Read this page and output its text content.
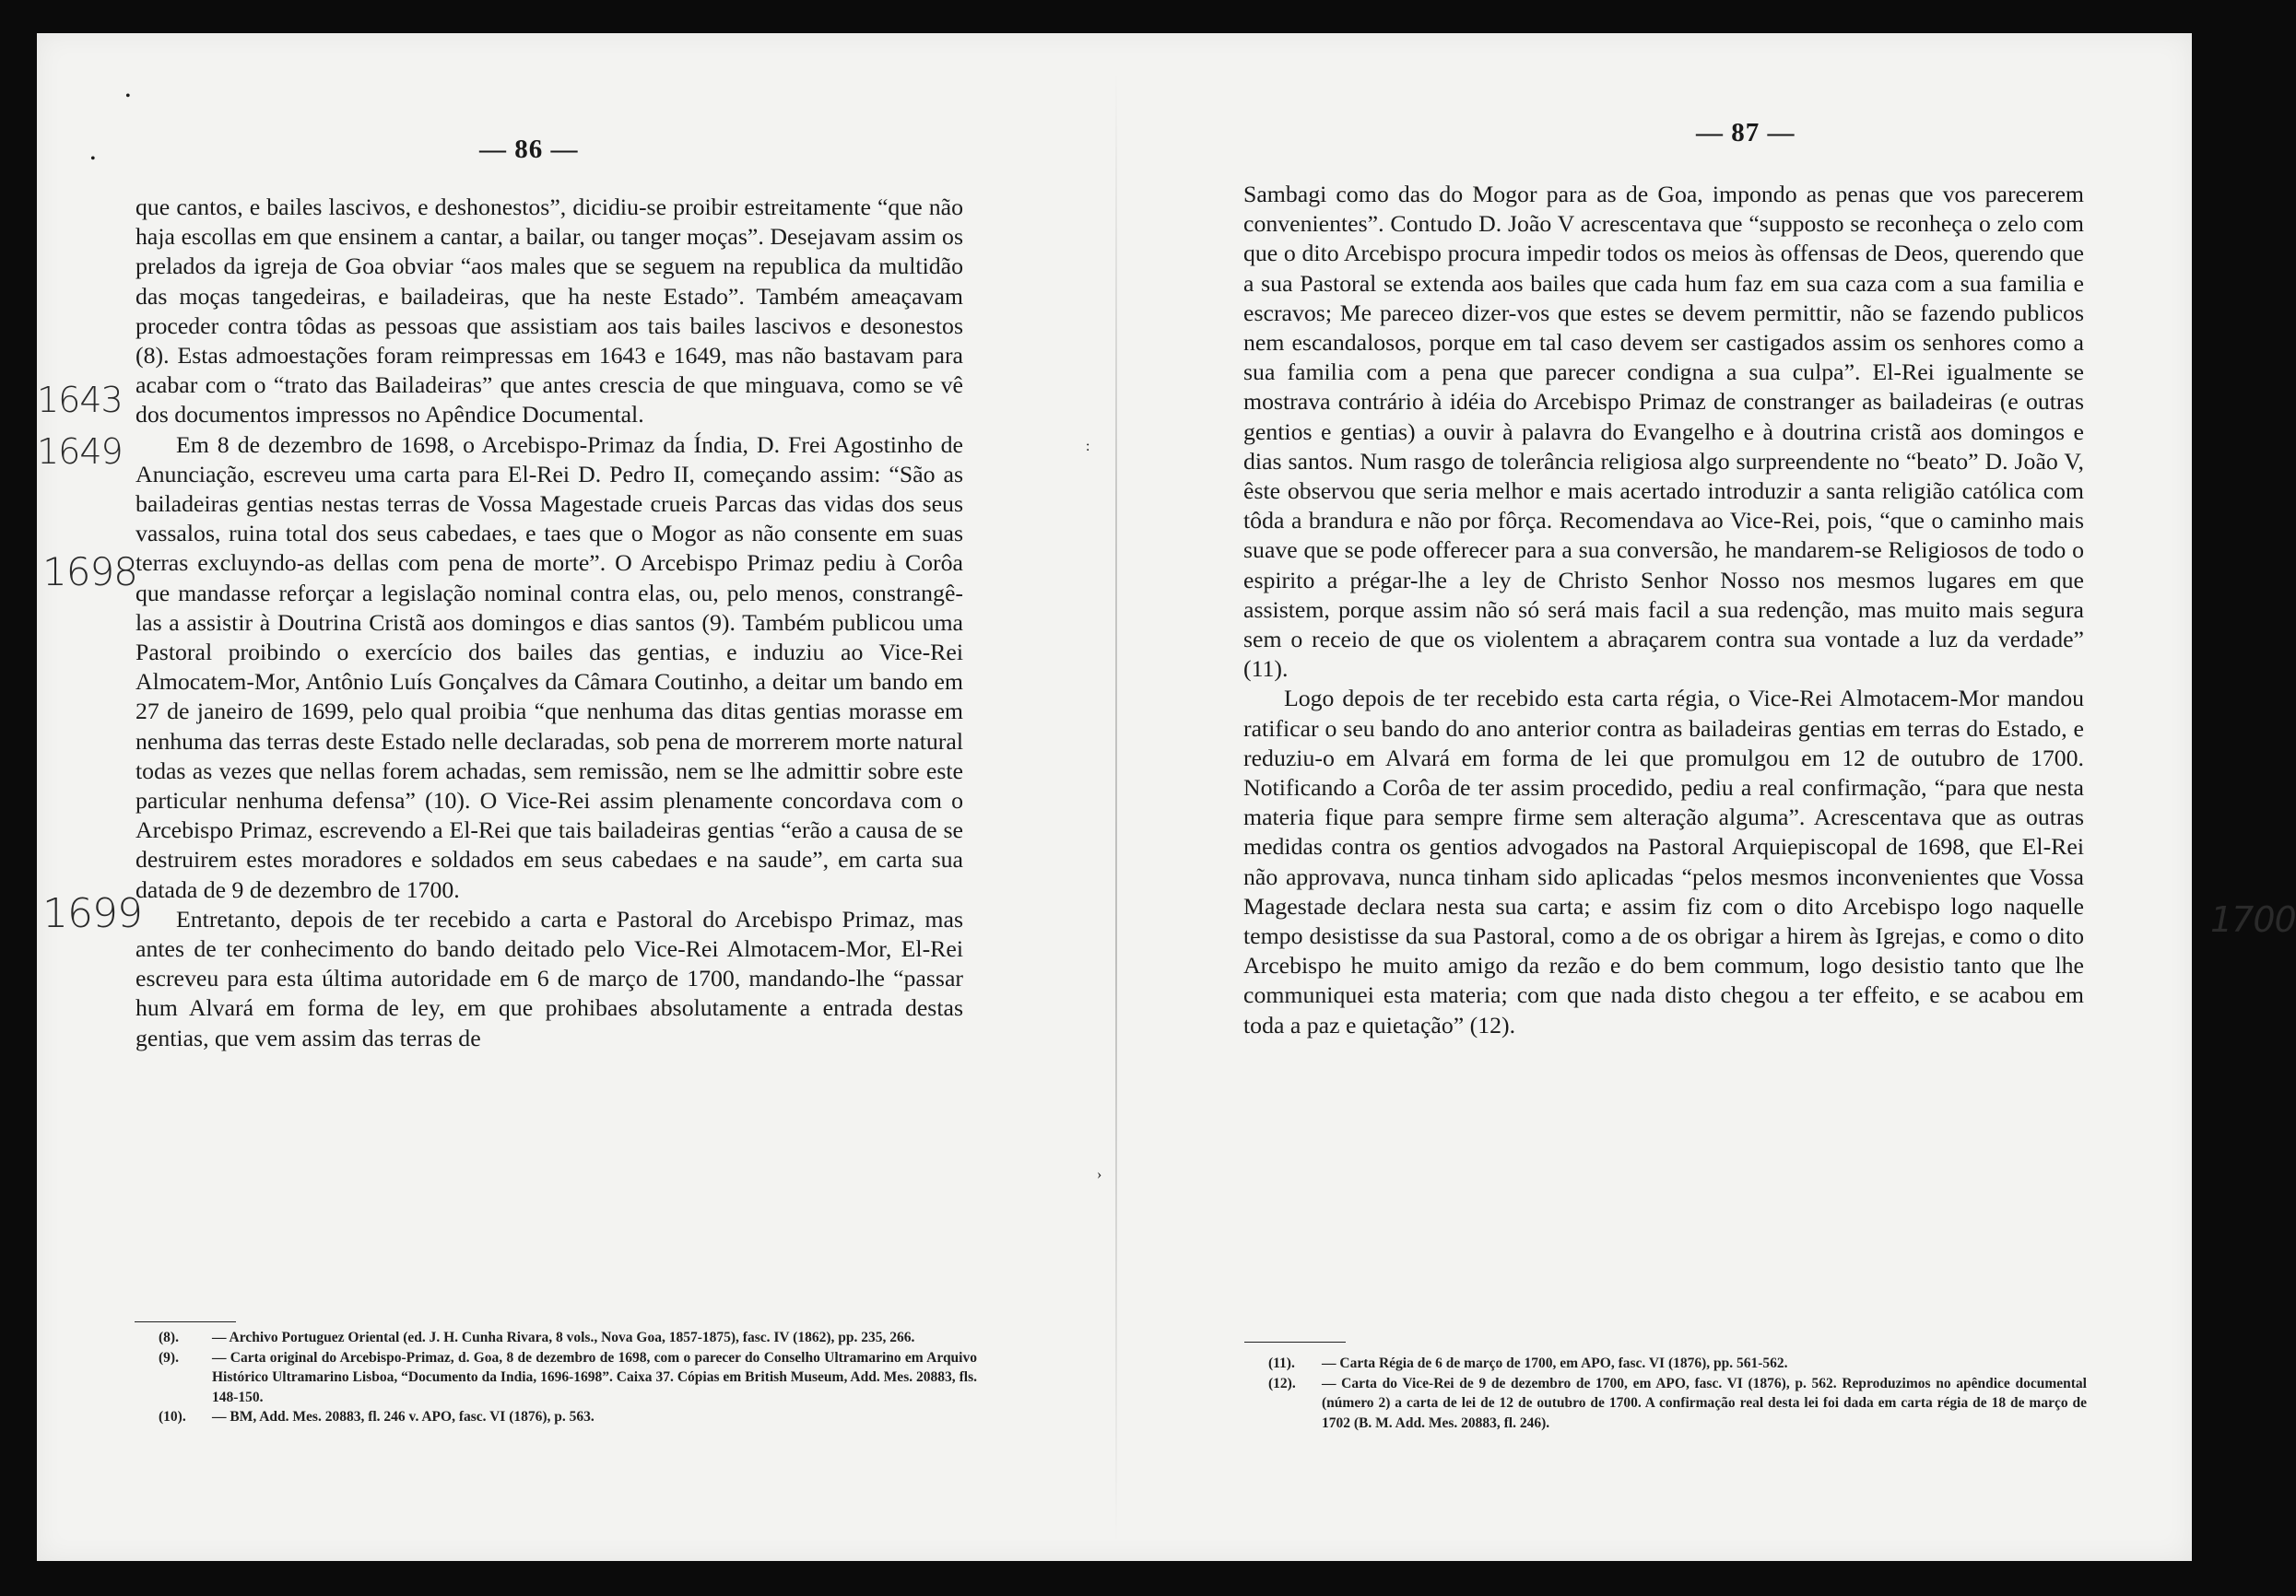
•
•	— 86 —

que cantos, e bailes lascivos, e deshonestos”, dicidiu-se proibir estreitamente “que não haja escollas em que ensinem a cantar, a bailar, ou tanger moças”. Desejavam assim os prelados da igreja de Goa obviar “aos males que se seguem na republica da multidão das moças tangedeiras, e bailadeiras, que ha neste Estado”. Também ameaçavam proceder contra tôdas as pessoas que assistiam aos tais bailes lascivos e desonestos (8). Estas admoestações foram reimpressas em 1643 e 1649, mas não bastavam para acabar com o “trato das Bailadeiras” que antes crescia de que minguava, como se vê dos documentos impressos no Apêndice Documental.

Em 8 de dezembro de 1698, o Arcebispo-Primaz da Índia, D. Frei Agostinho de Anunciação, escreveu uma carta para El-Rei D. Pedro II, começando assim: “São as bailadeiras gentias nestas terras de Vossa Magestade crueis Parcas das vidas dos seus vassalos, ruina total dos seus cabedaes, e taes que o Mogor as não consente em suas terras excluyndo-as dellas com pena de morte”. O Arcebispo Primaz pediu à Corôa que mandasse reforçar a legislação nominal contra elas, ou, pelo menos, constrangê-las a assistir à Doutrina Cristã aos domingos e dias santos (9). Também publicou uma Pastoral proibindo o exercício dos bailes das gentias, e induziu ao Vice-Rei Almocatem-Mor, Antônio Luís Gonçalves da Câmara Coutinho, a deitar um bando em 27 de janeiro de 1699, pelo qual proibia “que nenhuma das ditas gentias morasse em nenhuma das terras deste Estado nelle declaradas, sob pena de morrerem morte natural todas as vezes que nellas forem achadas, sem remissão, nem se lhe admittir sobre este particular nenhuma defensa” (10). O Vice-Rei assim plenamente concordava com o Arcebispo Primaz, escrevendo a El-Rei que tais bailadeiras gentias “erão a causa de se destruirem estes moradores e soldados em seus cabedaes e na saude”, em carta sua datada de 9 de dezembro de 1700.

Entretanto, depois de ter recebido a carta e Pastoral do Arcebispo Primaz, mas antes de ter conhecimento do bando deitado pelo Vice-Rei Almotacem-Mor, El-Rei escreveu para esta última autoridade em 6 de março de 1700, mandando-lhe “passar hum Alvará em forma de ley, em que prohibaes absolutamente a entrada destas gentias, que vem assim das terras de

(8). — Archivo Portuguez Oriental (ed. J. H. Cunha Rivara, 8 vols., Nova Goa, 1857-1875), fasc. IV (1862), pp. 235, 266.

(9). — Carta original do Arcebispo-Primaz, d. Goa, 8 de dezembro de 1698, com o parecer do Conselho Ultramarino em Arquivo Histórico Ultramarino Lisboa, “Documento da India, 1696-1698”. Caixa 37. Cópias em British Museum, Add. Mes. 20883, fls. 148-150.

(10). — BM, Add. Mes. 20883, fl. 246 v. APO, fasc. VI (1876), p. 563.

1643
1649
1698
1699
:
›
— 87 —

Sambagi como das do Mogor para as de Goa, impondo as penas que vos parecerem convenientes”. Contudo D. João V acrescentava que “supposto se reconheça o zelo com que o dito Arcebispo procura impedir todos os meios às offensas de Deos, querendo que a sua Pastoral se extenda aos bailes que cada hum faz em sua caza com a sua familia e escravos; Me pareceo dizer-vos que estes se devem permittir, não se fazendo publicos nem escandalosos, porque em tal caso devem ser castigados assim os senhores como a sua familia com a pena que parecer condigna a sua culpa”. El-Rei igualmente se mostrava contrário à idéia do Arcebispo Primaz de constranger as bailadeiras (e outras gentios e gentias) a ouvir à palavra do Evangelho e à doutrina cristã aos domingos e dias santos. Num rasgo de tolerância religiosa algo surpreendente no “beato” D. João V, êste observou que seria melhor e mais acertado introduzir a santa religião católica com tôda a brandura e não por fôrça. Recomendava ao Vice-Rei, pois, “que o caminho mais suave que se pode offerecer para a sua conversão, he mandarem-se Religiosos de todo o espirito a prégar-lhe a ley de Christo Senhor Nosso nos mesmos lugares em que assistem, porque assim não só será mais facil a sua redenção, mas muito mais segura sem o receio de que os violentem a abraçarem contra sua vontade a luz da verdade” (11).

Logo depois de ter recebido esta carta régia, o Vice-Rei Almotacem-Mor mandou ratificar o seu bando do ano anterior contra as bailadeiras gentias em terras do Estado, e reduziu-o em Alvará em forma de lei que promulgou em 12 de outubro de 1700. Notificando a Corôa de ter assim procedido, pediu a real confirmação, “para que nesta materia fique para sempre firme sem alteração alguma”. Acrescentava que as outras medidas contra os gentios advogados na Pastoral Arquiepiscopal de 1698, que El-Rei não approvava, nunca tinham sido aplicadas “pelos mesmos inconvenientes que Vossa Magestade declara nesta sua carta; e assim fiz com o dito Arcebispo logo naquelle tempo desistisse da sua Pastoral, como a de os obrigar a hirem às Igrejas, e como o dito Arcebispo he muito amigo da rezão e do bem commum, logo desistio tanto que lhe communiquei esta materia; com que nada disto chegou a ter effeito, e se acabou em toda a paz e quietação” (12).

(11). — Carta Régia de 6 de março de 1700, em APO, fasc. VI (1876), pp. 561-562.

(12). — Carta do Vice-Rei de 9 de dezembro de 1700, em APO, fasc. VI (1876), p. 562. Reproduzimos no apêndice documental (número 2) a carta de lei de 12 de outubro de 1700. A confirmação real desta lei foi dada em carta régia de 18 de março de 1702 (B. M. Add. Mes. 20883, fl. 246).

1700
